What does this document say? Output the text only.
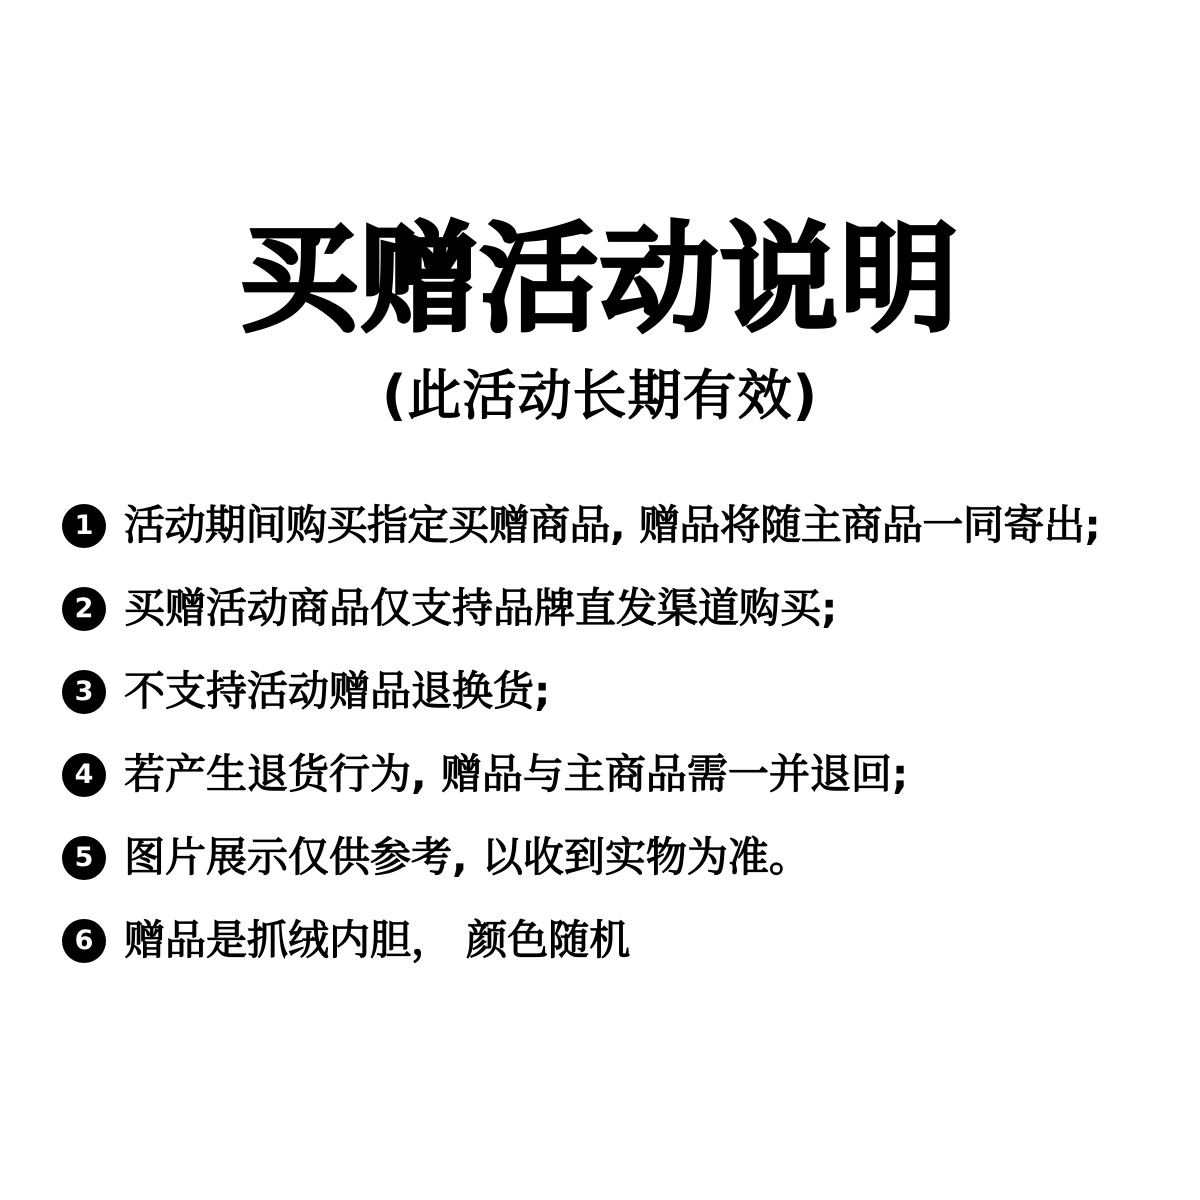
买赠活动说明
(此活动长期有效)
1 活动期间购买指定买赠商品, 赠品将随主商品一同寄出;
2 买赠活动商品仅支持品牌直发渠道购买;
3 不支持活动赠品退换货;
4 若产生退货行为, 赠品与主商品需一并退回;
5 图片展示仅供参考, 以收到实物为准。
6 赠品是抓绒内胆， 颜色随机
